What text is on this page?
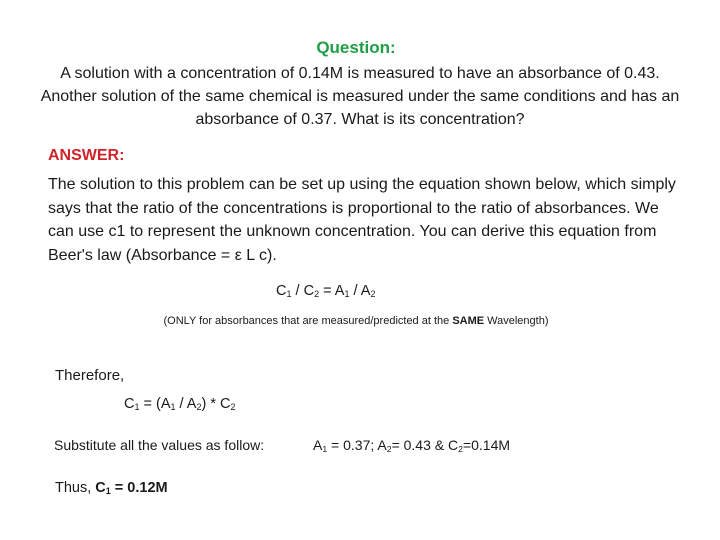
Question:
A solution with a concentration of 0.14M is measured to have an absorbance of 0.43. Another solution of the same chemical is measured under the same conditions and has an absorbance of 0.37. What is its concentration?
ANSWER:
The solution to this problem can be set up using the equation shown below, which simply says that the ratio of the concentrations is proportional to the ratio of absorbances. We can use c1 to represent the unknown concentration. You can derive this equation from Beer's law (Absorbance = ε L c).
$C_1 / C_2 = A_1 / A_2$
(ONLY for absorbances that are measured/predicted at the SAME Wavelength)
Therefore,
$C_1 = (A_1 / A_2) * C_2$
Substitute all the values as follow:	$A_1 = 0.37$; $A_2= 0.43$ & $C_2=0.14M$
Thus, $C_1 = 0.12M$
